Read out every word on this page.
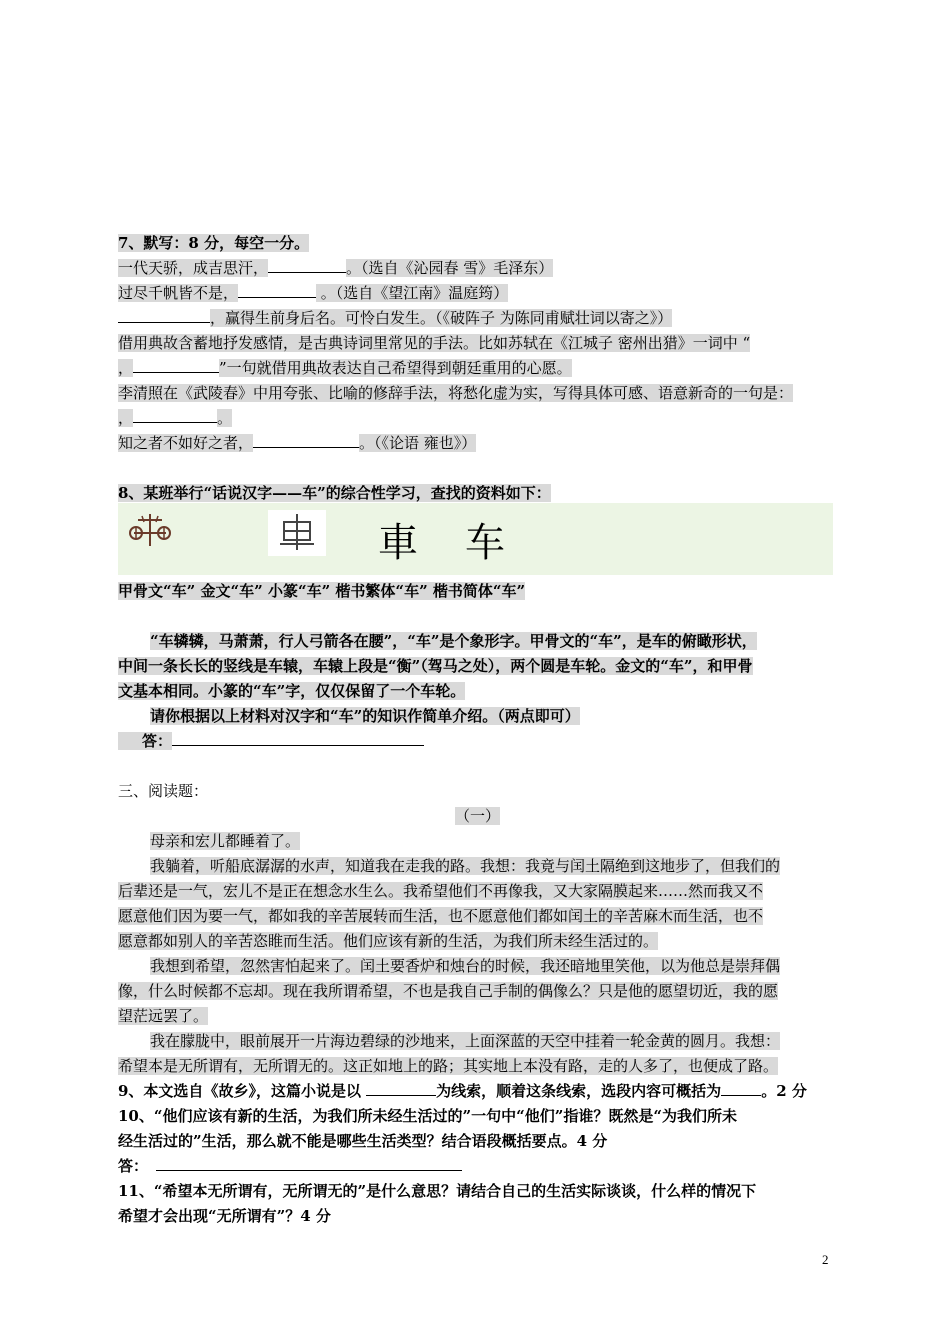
7、默写：8 分，每空一分。
一代天骄，成吉思汗，	。（选自《沁园春 雪》毛泽东）
过尽千帆皆不是，	。（选自《望江南》温庭筠）
，赢得生前身后名。可怜白发生。（《破阵子 为陈同甫赋壮词以寄之》）
借用典故含蓄地抒发感情，是古典诗词里常见的手法。比如苏轼在《江城子 密州出猎》一词中 “
，	”一句就借用典故表达自己希望得到朝廷重用的心愿。
李清照在《武陵春》中用夸张、比喻的修辞手法，将愁化虚为实，写得具体可感、语意新奇的一句是：
，	。
知之者不如好之者，	。（《论语 雍也》）
8、某班举行“话说汉字——车”的综合性学习，查找的资料如下：
車 车
甲骨文“车” 金文“车” 小篆“车” 楷书繁体“车” 楷书简体“车”
“车辚辚，马萧萧，行人弓箭各在腰”，“车”是个象形字。甲骨文的“车”，是车的俯瞰形状，
中间一条长长的竖线是车辕，车辕上段是“衡”（驾马之处），两个圆是车轮。金文的“车”，和甲骨
文基本相同。小篆的“车”字，仅仅保留了一个车轮。
请你根据以上材料对汉字和“车”的知识作简单介绍。（两点即可）
答：
三、阅读题：
（一）
母亲和宏儿都睡着了。
我躺着，听船底潺潺的水声，知道我在走我的路。我想：我竟与闰土隔绝到这地步了，但我们的
后辈还是一气，宏儿不是正在想念水生么。我希望他们不再像我，又大家隔膜起来……然而我又不
愿意他们因为要一气，都如我的辛苦展转而生活，也不愿意他们都如闰土的辛苦麻木而生活，也不
愿意都如别人的辛苦恣睢而生活。他们应该有新的生活，为我们所未经生活过的。
我想到希望，忽然害怕起来了。闰土要香炉和烛台的时候，我还暗地里笑他，以为他总是崇拜偶
像，什么时候都不忘却。现在我所谓希望，不也是我自己手制的偶像么？只是他的愿望切近，我的愿
望茫远罢了。
我在朦胧中，眼前展开一片海边碧绿的沙地来，上面深蓝的天空中挂着一轮金黄的圆月。我想：
希望本是无所谓有，无所谓无的。这正如地上的路；其实地上本没有路，走的人多了，也便成了路。
9、本文选自《故乡》，这篇小说是以	为线索，顺着这条线索，选段内容可概括为	。2 分
10、“他们应该有新的生活，为我们所未经生活过的”一句中“他们”指谁？既然是“为我们所未
经生活过的”生活，那么就不能是哪些生活类型？结合语段概括要点。4 分
答：
11、“希望本无所谓有，无所谓无的”是什么意思？请结合自己的生活实际谈谈，什么样的情况下
希望才会出现“无所谓有”？4 分
2
